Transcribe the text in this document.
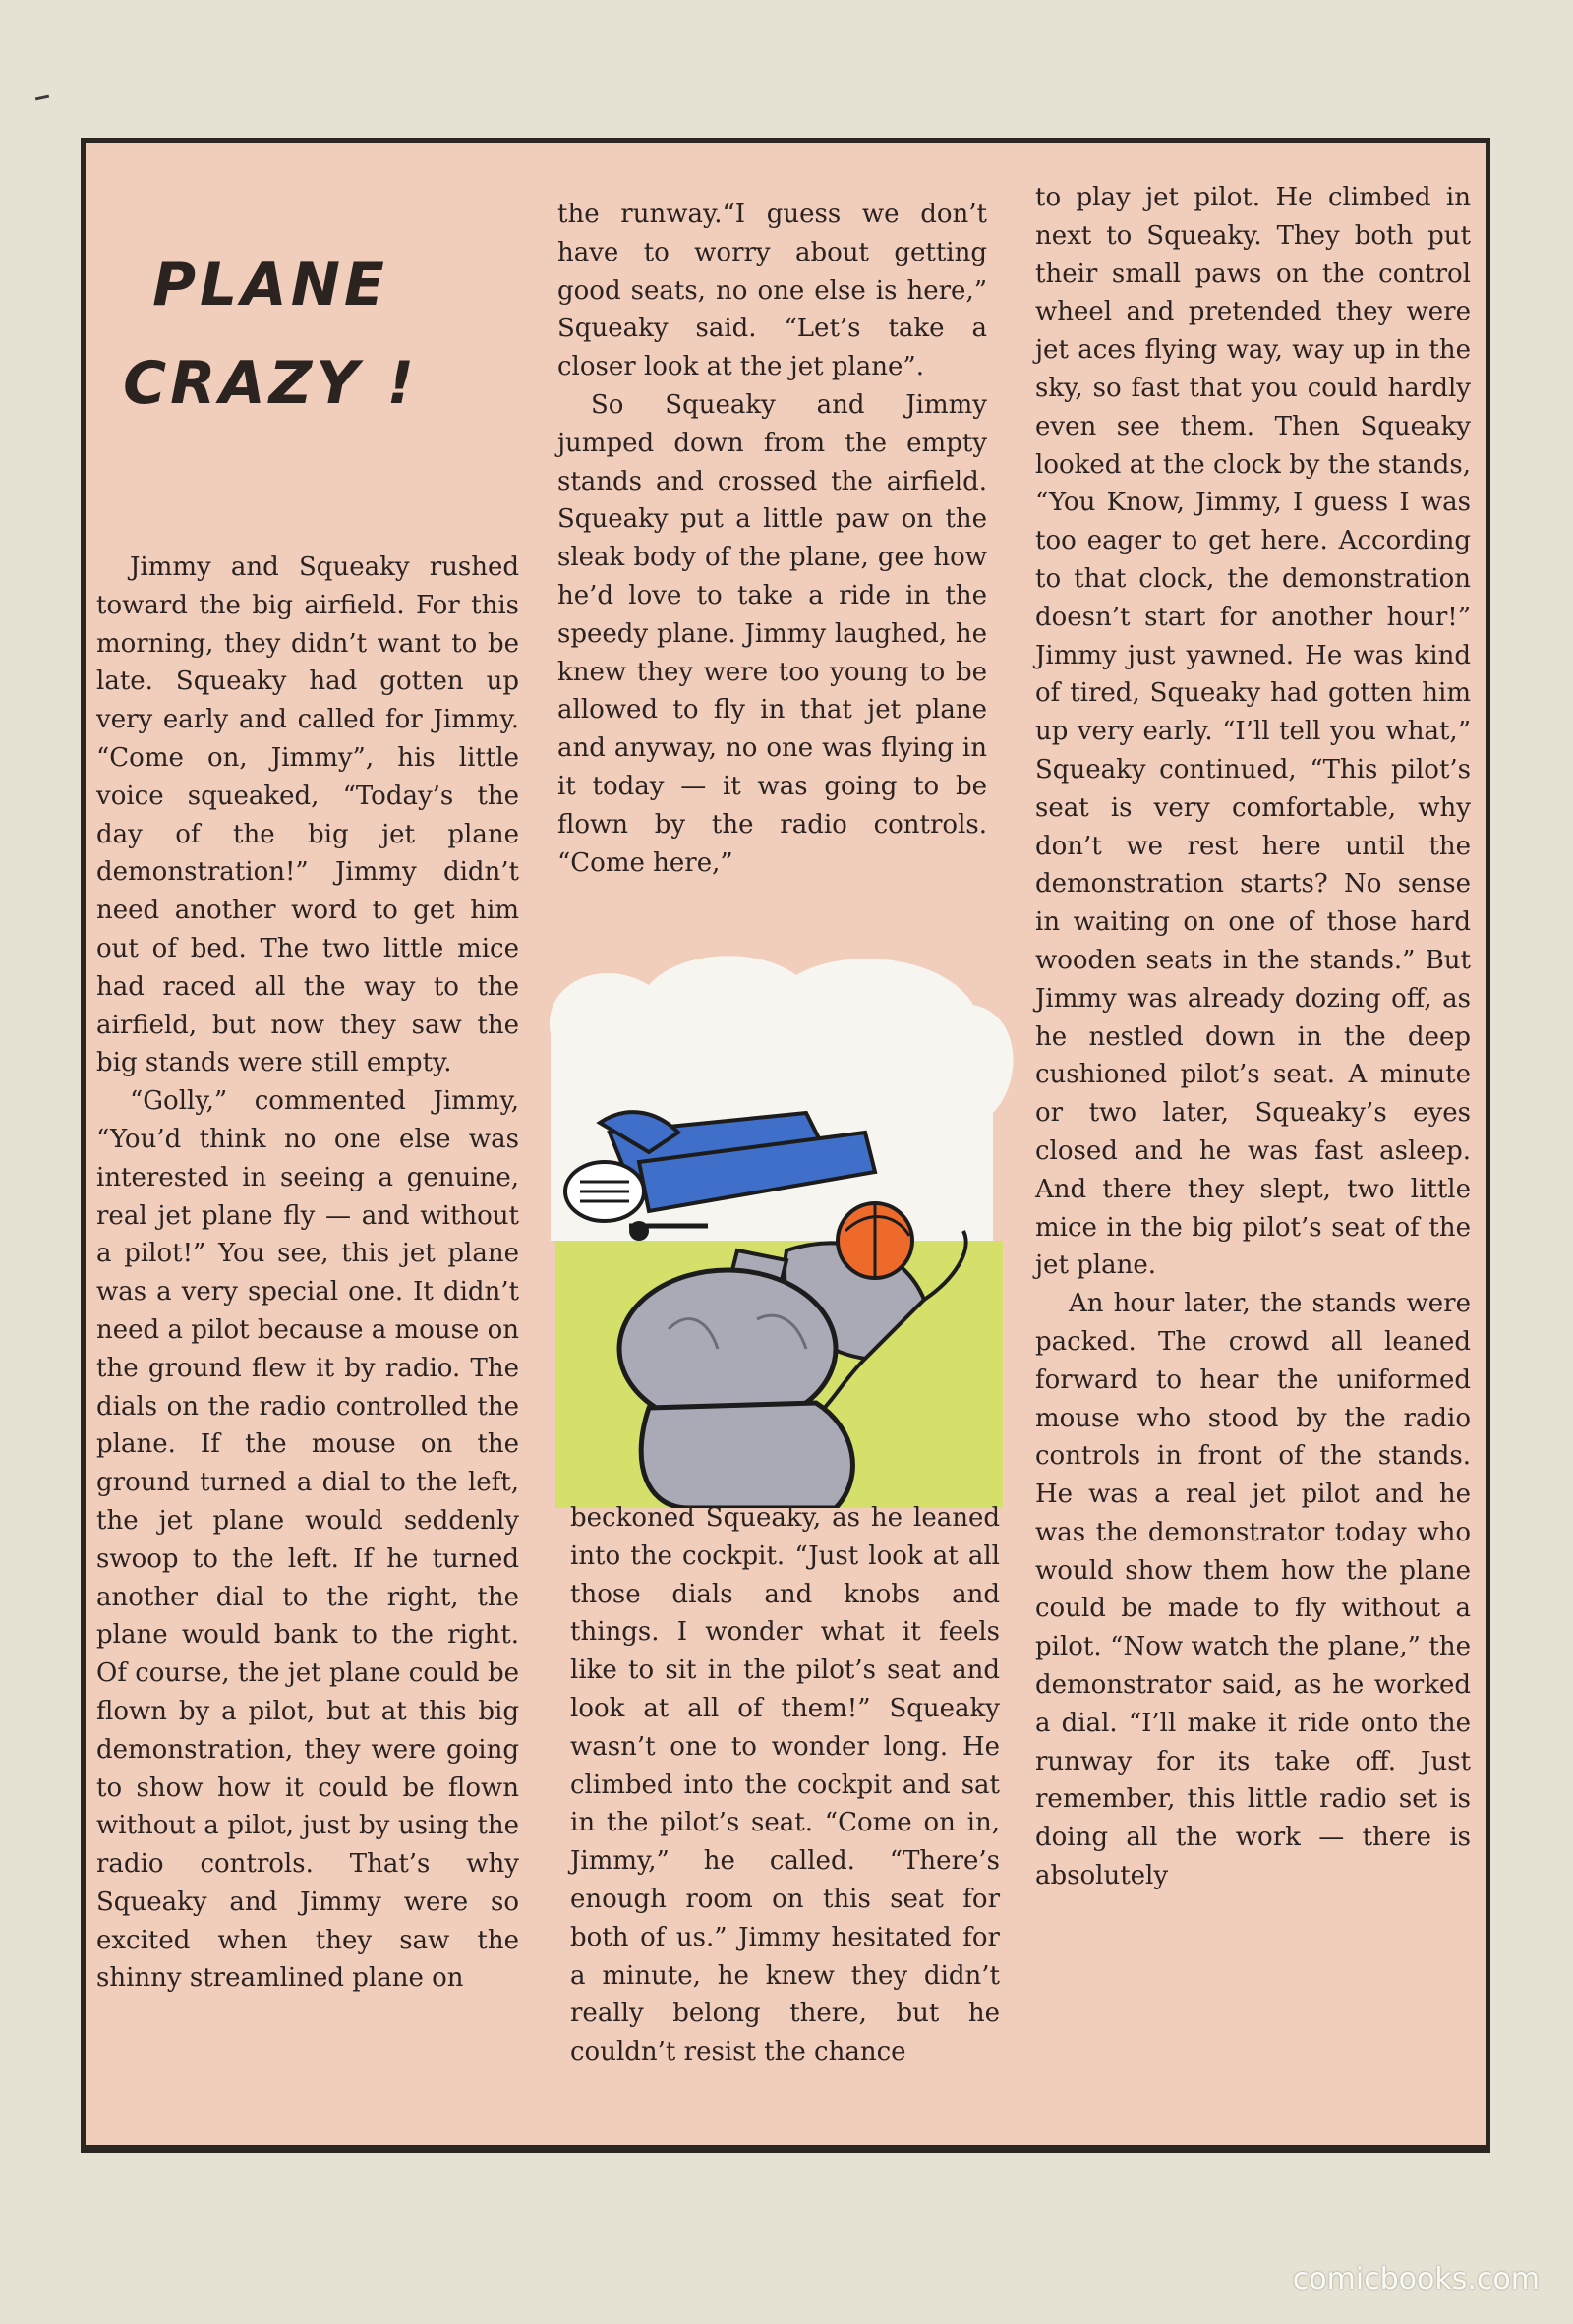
PLANE
CRAZY !

Jimmy and Squeaky rushed toward the big airfield. For this morning, they didn’t want to be late. Squeaky had gotten up very early and called for Jimmy. “Come on, Jimmy”, his little voice squeaked, “Today’s the day of the big jet plane demonstration!” Jimmy didn’t need another word to get him out of bed. The two little mice had raced all the way to the airfield, but now they saw the big stands were still empty.

“Golly,” commented Jimmy, “You’d think no one else was interested in seeing a genuine, real jet plane fly — and without a pilot!” You see, this jet plane was a very special one. It didn’t need a pilot because a mouse on the ground flew it by radio. The dials on the radio controlled the plane. If the mouse on the ground turned a dial to the left, the jet plane would seddenly swoop to the left. If he turned another dial to the right, the plane would bank to the right. Of course, the jet plane could be flown by a pilot, but at this big demonstration, they were going to show how it could be flown without a pilot, just by using the radio controls. That’s why Squeaky and Jimmy were so excited when they saw the shinny streamlined plane on

the runway.“I guess we don’t have to worry about getting good seats, no one else is here,” Squeaky said. “Let’s take a closer look at the jet plane”.

So Squeaky and Jimmy jumped down from the empty stands and crossed the airfield. Squeaky put a little paw on the sleak body of the plane, gee how he’d love to take a ride in the speedy plane. Jimmy laughed, he knew they were too young to be allowed to fly in that jet plane and anyway, no one was flying in it today — it was going to be flown by the radio controls. “Come here,”

beckoned Squeaky, as he leaned into the cockpit. “Just look at all those dials and knobs and things. I wonder what it feels like to sit in the pilot’s seat and look at all of them!” Squeaky wasn’t one to wonder long. He climbed into the cockpit and sat in the pilot’s seat. “Come on in, Jimmy,” he called. “There’s enough room on this seat for both of us.” Jimmy hesitated for a minute, he knew they didn’t really belong there, but he couldn’t resist the chance

to play jet pilot. He climbed in next to Squeaky. They both put their small paws on the control wheel and pretended they were jet aces flying way, way up in the sky, so fast that you could hardly even see them. Then Squeaky looked at the clock by the stands, “You Know, Jimmy, I guess I was too eager to get here. According to that clock, the demonstration doesn’t start for another hour!” Jimmy just yawned. He was kind of tired, Squeaky had gotten him up very early. “I’ll tell you what,” Squeaky continued, “This pilot’s seat is very comfortable, why don’t we rest here until the demonstration starts? No sense in waiting on one of those hard wooden seats in the stands.” But Jimmy was already dozing off, as he nestled down in the deep cushioned pilot’s seat. A minute or two later, Squeaky’s eyes closed and he was fast asleep. And there they slept, two little mice in the big pilot’s seat of the jet plane.

An hour later, the stands were packed. The crowd all leaned forward to hear the uniformed mouse who stood by the radio controls in front of the stands. He was a real jet pilot and he was the demonstrator today who would show them how the plane could be made to fly without a pilot. “Now watch the plane,” the demonstrator said, as he worked a dial. “I’ll make it ride onto the runway for its take off. Just remember, this little radio set is doing all the work — there is absolutely

comicbooks.com
